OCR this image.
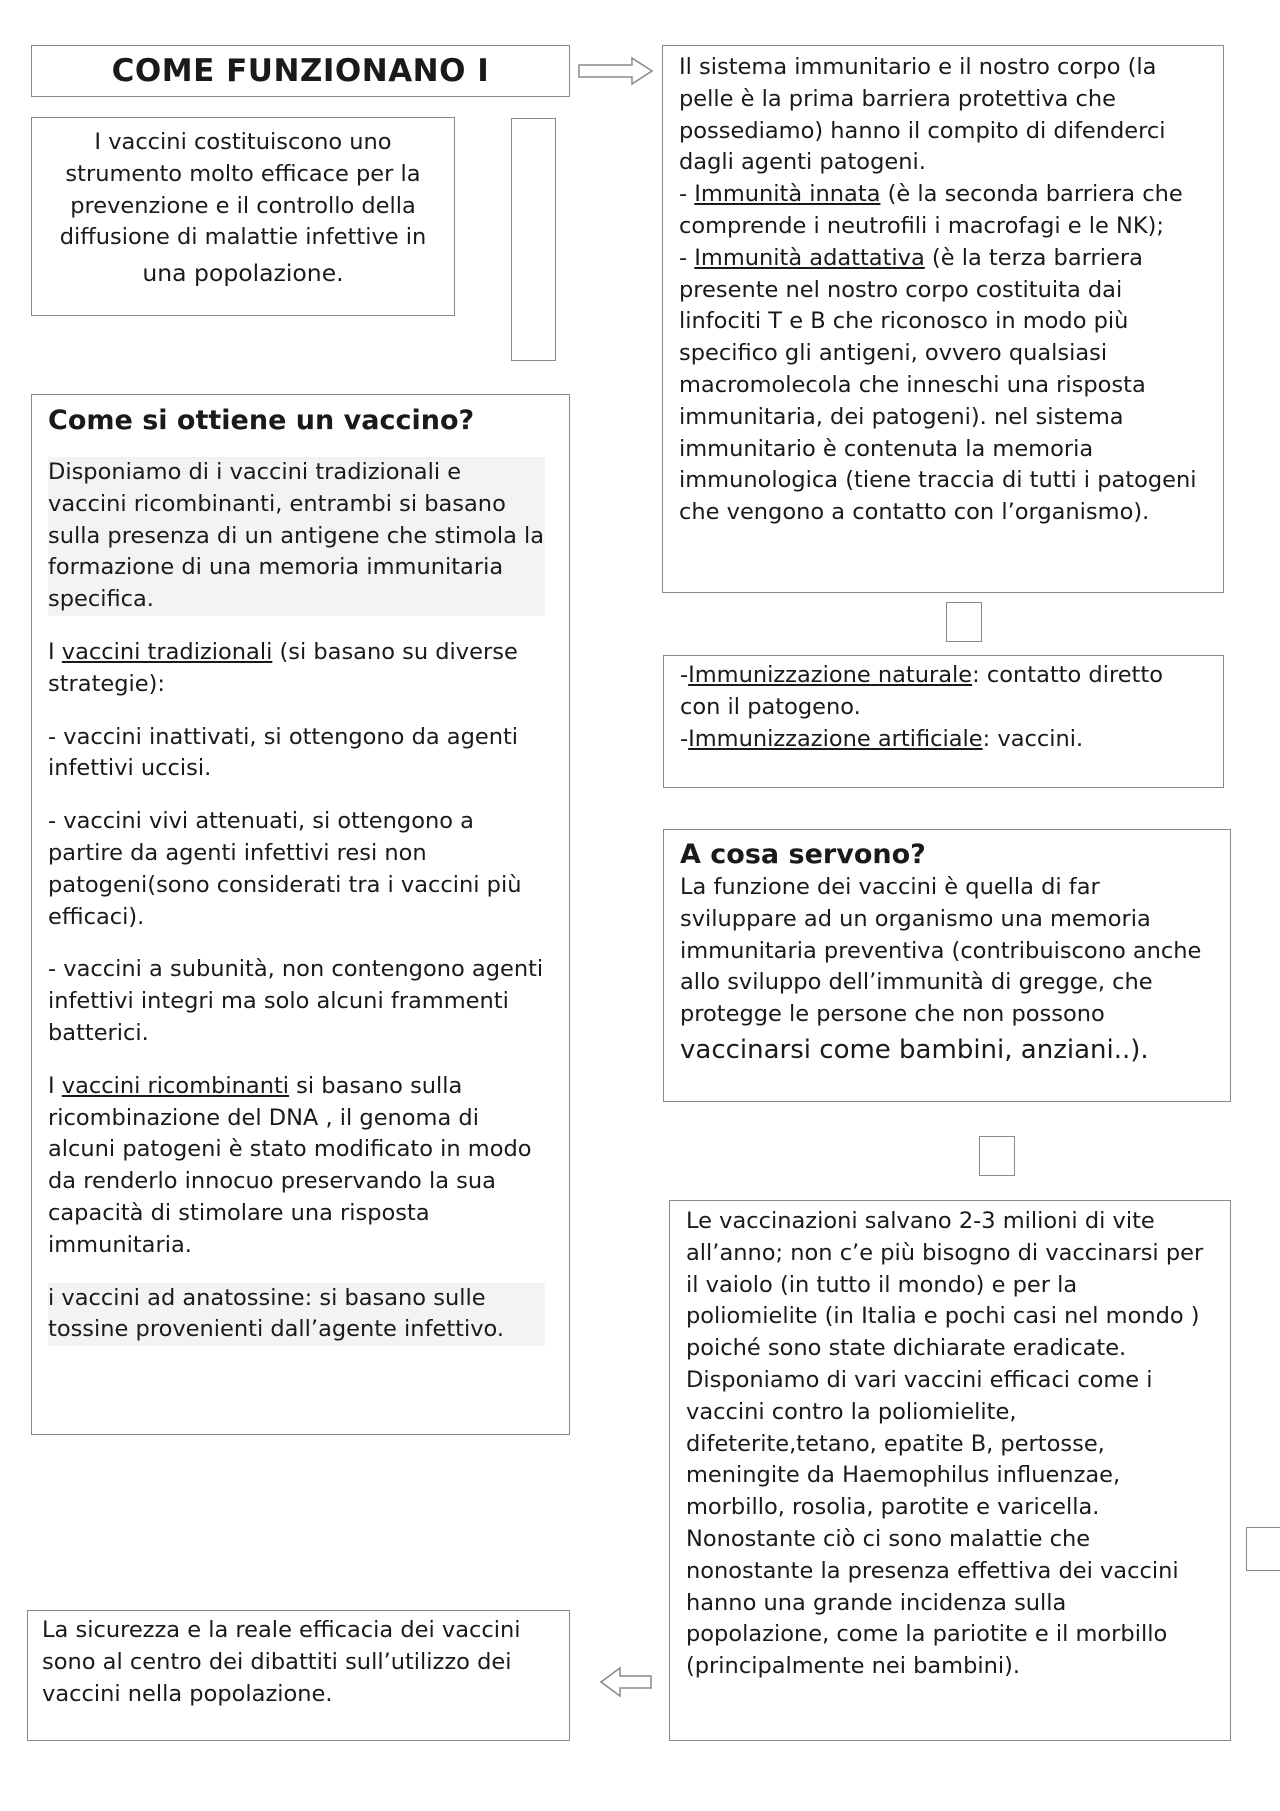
COME FUNZIONANO I

I vaccini costituiscono uno

strumento molto efficace per la

prevenzione e il controllo della

diffusione di malattie infettive in

una popolazione.

Il sistema immunitario e il nostro corpo (la pelle è la prima barriera protettiva che possediamo) hanno il compito di difenderci dagli agenti patogeni.

- Immunità innata (è la seconda barriera che comprende i neutrofili i macrofagi e le NK);

- Immunità adattativa (è la terza barriera presente nel nostro corpo costituita dai linfociti T e B che riconosco in modo più specifico gli antigeni, ovvero qualsiasi macromolecola che inneschi una risposta immunitaria, dei patogeni). nel sistema immunitario è contenuta la memoria immunologica (tiene traccia di tutti i patogeni che vengono a contatto con l’organismo).

-Immunizzazione naturale: contatto diretto con il patogeno.

-Immunizzazione artificiale: vaccini.

A cosa servono?

La funzione dei vaccini è quella di far sviluppare ad un organismo una memoria immunitaria preventiva (contribuiscono anche allo sviluppo dell’immunità di gregge, che protegge le persone che non possono

vaccinarsi come bambini, anziani..).

Come si ottiene un vaccino?

Disponiamo di i vaccini tradizionali e vaccini ricombinanti, entrambi si basano sulla presenza di un antigene che stimola la formazione di una memoria immunitaria specifica.

I vaccini tradizionali (si basano su diverse strategie):

- vaccini inattivati, si ottengono da agenti infettivi uccisi.

- vaccini vivi attenuati, si ottengono a partire da agenti infettivi resi non patogeni(sono considerati tra i vaccini più efficaci).

- vaccini a subunità, non contengono agenti infettivi integri ma solo alcuni frammenti batterici.

I vaccini ricombinanti si basano sulla ricombinazione del DNA , il genoma di alcuni patogeni è stato modificato in modo da renderlo innocuo preservando la sua capacità di stimolare una risposta immunitaria.

i vaccini ad anatossine: si basano sulle tossine provenienti dall’agente infettivo.

Le vaccinazioni salvano 2-3 milioni di vite all’anno; non c’e più bisogno di vaccinarsi per il vaiolo (in tutto il mondo) e per la poliomielite (in Italia e pochi casi nel mondo ) poiché sono state dichiarate eradicate. Disponiamo di vari vaccini efficaci come i vaccini contro la poliomielite, difeterite,tetano, epatite B, pertosse, meningite da Haemophilus influenzae, morbillo, rosolia, parotite e varicella. Nonostante ciò ci sono malattie che nonostante la presenza effettiva dei vaccini hanno una grande incidenza sulla popolazione, come la pariotite e il morbillo (principalmente nei bambini).

La sicurezza e la reale efficacia dei vaccini sono al centro dei dibattiti sull’utilizzo dei vaccini nella popolazione.
